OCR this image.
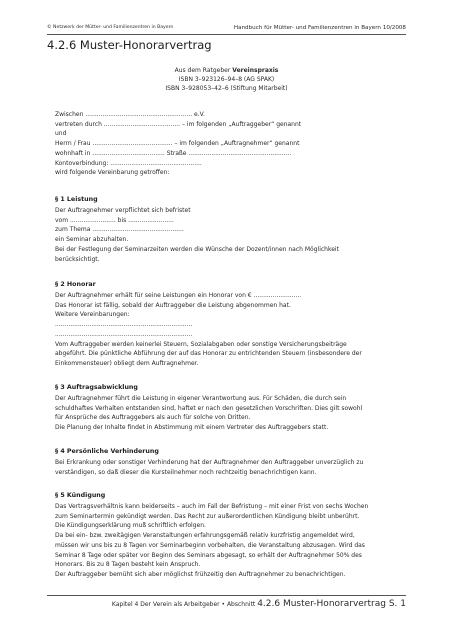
© Netzwerk der Mütter- und Familienzentren in Bayern	Handbuch für Mütter- und Familienzentren in Bayern 10/2008
4.2.6 Muster-Honorarvertrag
Aus dem Ratgeber Vereinspraxis
ISBN 3–923126–94–8 (AG SPAK)
ISBN 3–928053–42–6 (Stiftung Mitarbeit)
Zwischen ........................................................ e.V.
vertreten durch ........................................ – im folgenden „Auftraggeber“ genannt
und
Herrn / Frau .......................................... – im folgenden „Auftragnehmer“ genannt
wohnhaft in ...................................... Straße ......................................................
Kontoverbindung: ................................................
wird folgende Vereinbarung getroffen:
§ 1 Leistung
Der Auftragnehmer verpflichtet sich befristet
vom ........................ bis ........................
zum Thema ................................................
ein Seminar abzuhalten.
Bei der Festlegung der Seminarzeiten werden die Wünsche der Dozent/innen nach Möglichkeit
berücksichtigt.
§ 2 Honorar
Der Auftragnehmer erhält für seine Leistungen ein Honorar von € .........................
Das Honorar ist fällig, sobald der Auftraggeber die Leistung abgenommen hat.
Weitere Vereinbarungen:
........................................................................
........................................................................
Vom Auftraggeber werden keinerlei Steuern, Sozialabgaben oder sonstige Versicherungsbeiträge
abgeführt. Die pünktliche Abführung der auf das Honorar zu entrichtenden Steuern (insbesondere der
Einkommensteuer) obliegt dem Auftragnehmer.
§ 3 Auftragsabwicklung
Der Auftragnehmer führt die Leistung in eigener Verantwortung aus. Für Schäden, die durch sein
schuldhaftes Verhalten entstanden sind, haftet er nach den gesetzlichen Vorschriften. Dies gilt sowohl
für Ansprüche des Auftraggebers als auch für solche von Dritten.
Die Planung der Inhalte findet in Abstimmung mit einem Vertreter des Auftraggebers statt.
§ 4 Persönliche Verhinderung
Bei Erkrankung oder sonstiger Verhinderung hat der Auftragnehmer den Auftraggeber unverzüglich zu
verständigen, so daß dieser die Kursteilnehmer noch rechtzeitig benachrichtigen kann.
§ 5 Kündigung
Das Vertragsverhältnis kann beiderseits – auch im Fall der Befristung – mit einer Frist von sechs Wochen
zum Seminartermin gekündigt werden. Das Recht zur außerordentlichen Kündigung bleibt unberührt.
Die Kündigungserklärung muß schriftlich erfolgen.
Da bei ein- bzw. zweitägigen Veranstaltungen erfahrungsgemäß relativ kurzfristig angemeldet wird,
müssen wir uns bis zu 8 Tagen vor Seminarbeginn vorbehalten, die Veranstaltung abzusagen. Wird das
Seminar 8 Tage oder später vor Beginn des Seminars abgesagt, so erhält der Auftragnehmer 50% des
Honorars. Bis zu 8 Tagen besteht kein Anspruch.
Der Auftraggeber bemüht sich aber möglichst frühzeitig den Auftragnehmer zu benachrichtigen.
Kapitel 4 Der Verein als Arbeitgeber • Abschnitt 4.2.6 Muster-Honorarvertrag S. 1
